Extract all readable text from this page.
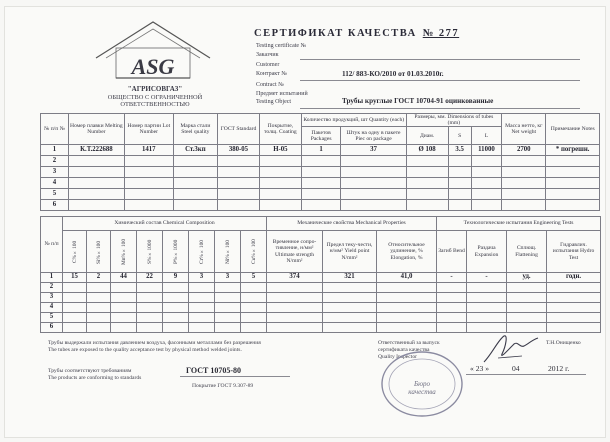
ASG
"АГРИСОВГАЗ"
ОБЩЕСТВО С ОГРАНИЧЕННОЙ
ОТВЕТСТВЕННОСТЬЮ
СЕРТИФИКАТ КАЧЕСТВА № 277
Testing certificate №
Заказчик
Customer
Контракт №	112/ 883-КО/2010 от 01.03.2010г.
Contract №
Предмет испытаний
Testing Object	Трубы круглые ГОСТ 10704-91 оцинкованные
№ п/п №	Номер плавки Melting Number	Номер партии Lot Number	Марка стали Steel quality	ГОСТ Standard	Покрытие, толщ. Coating	Количество продукций, шт Quantity (each)		Размеры, мм. Dimensions of tubes (mm)			Масса нетто, кг Net weight	Примечание Notes
						Пакетов Packages	Штук на одну в пакете Piec on package	Диам.	S	L		
1	К.Т.222688	1417	Ст.3кп	380-05	Н-05	1	37	Ø 108	3.5	11000	2700	* погрешн.
2												
3												
4												
5												
6												
№ п/п	Химический состав Chemical Composition								Механические свойства Mechanical Properties			Технологические испытания Engineering Tests			
	C%×100	Si%×100	Mn%×100	S%×1000	P%×1000	Cr%×100	Ni%×100	Cu%×100	Временное сопро-тивление, н/мм² Ultimate strength N/mm²	Предел теку-чести, н/мм² Yield point N/mm²	Относительное удлинение, % Elongation, %	Загиб Bend	Раздача Expansion	Сплющ. Flattening	Гидравлич. испытания Hydro Test
1	15	2	44	22	9	3	3	5	374	321	41,0	-	-	уд.	годн.
2															
3															
4															
5															
6															
Трубы выдержали испытания давлением воздуха, фасонными металлами без разрешения
The tubes are exposed to the quality acceptance test by physical method welded joints.
Трубы соответствуют требованиям
The products are conforming to standards
ГОСТ 10705-80
Покрытие ГОСТ 9.307-89
Ответственный за выпуск
сертификата качества
Quality Inspector
Т.Н.Онищенко
Бюро
качества
« 23 »	04	2012 г.
